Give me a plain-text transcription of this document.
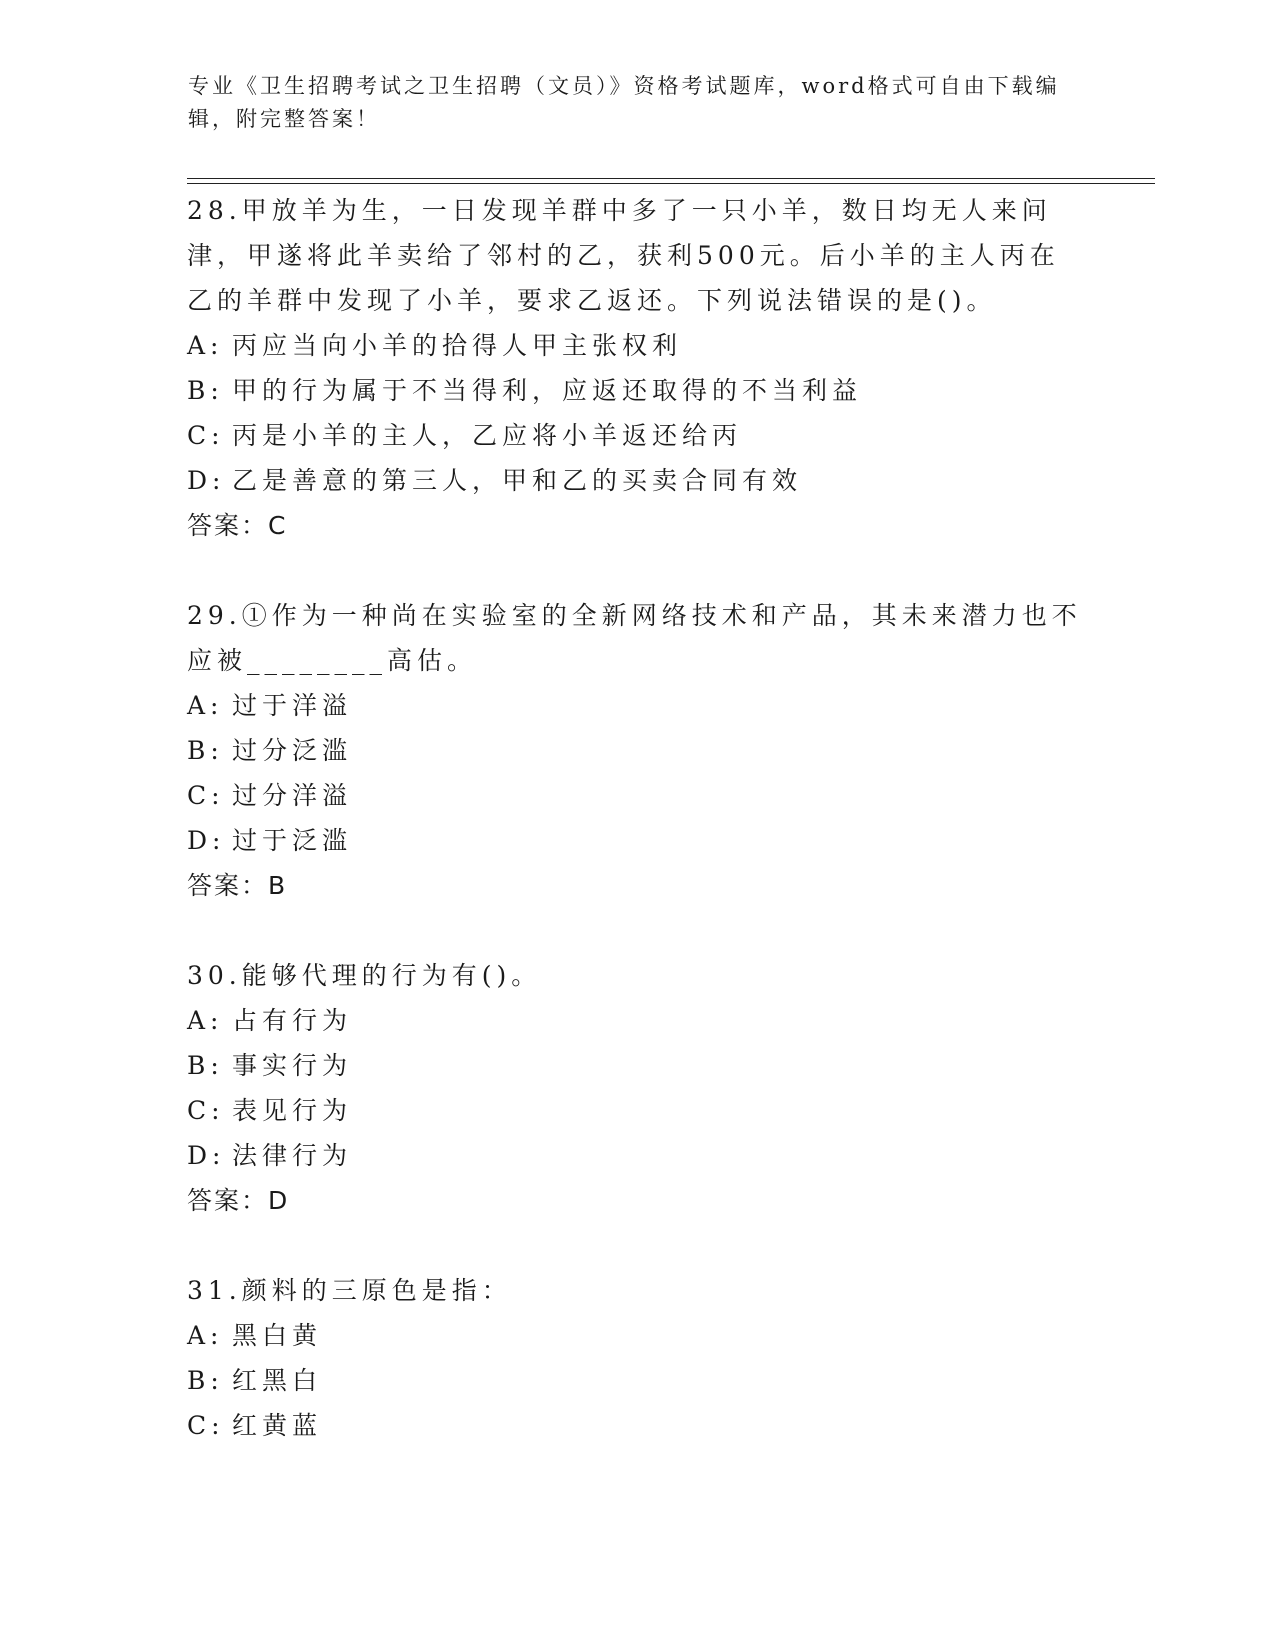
专业《卫生招聘考试之卫生招聘（文员）》资格考试题库，word格式可自由下载编辑，附完整答案！
28.甲放羊为生，一日发现羊群中多了一只小羊，数日均无人来问津，甲遂将此羊卖给了邻村的乙，获利500元。后小羊的主人丙在乙的羊群中发现了小羊，要求乙返还。下列说法错误的是()。
A: 丙应当向小羊的拾得人甲主张权利
B: 甲的行为属于不当得利，应返还取得的不当利益
C: 丙是小羊的主人，乙应将小羊返还给丙
D: 乙是善意的第三人，甲和乙的买卖合同有效
答案：C
29.①作为一种尚在实验室的全新网络技术和产品，其未来潜力也不应被________高估。
A: 过于洋溢
B: 过分泛滥
C: 过分洋溢
D: 过于泛滥
答案：B
30.能够代理的行为有()。
A: 占有行为
B: 事实行为
C: 表见行为
D: 法律行为
答案：D
31.颜料的三原色是指：
A: 黑白黄
B: 红黑白
C: 红黄蓝
